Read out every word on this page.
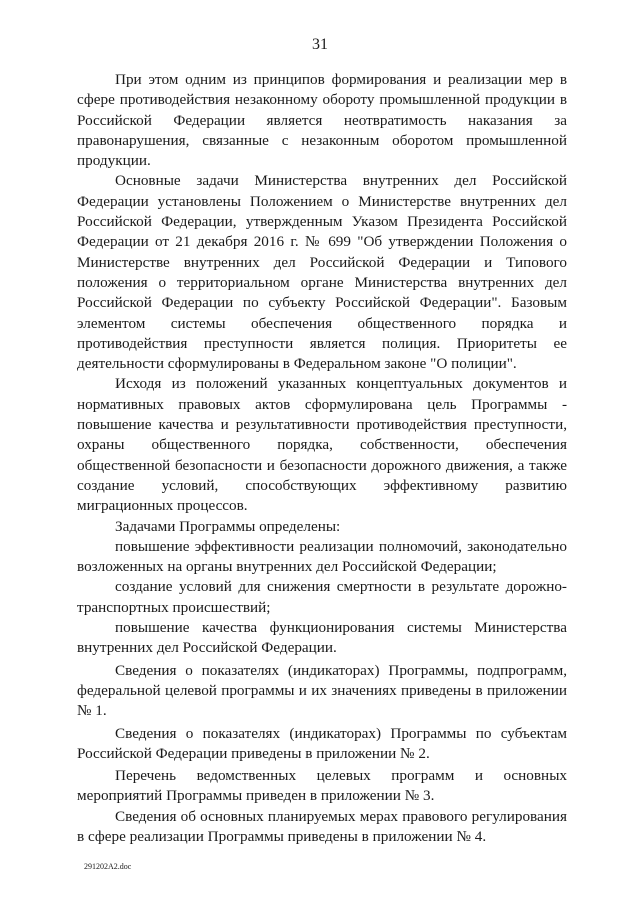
31

При этом одним из принципов формирования и реализации мер в сфере противодействия незаконному обороту промышленной продукции в Российской Федерации является неотвратимость наказания за правонарушения, связанные с незаконным оборотом промышленной продукции.

Основные задачи Министерства внутренних дел Российской Федерации установлены Положением о Министерстве внутренних дел Российской Федерации, утвержденным Указом Президента Российской Федерации от 21 декабря 2016 г. № 699 "Об утверждении Положения о Министерстве внутренних дел Российской Федерации и Типового положения о территориальном органе Министерства внутренних дел Российской Федерации по субъекту Российской Федерации". Базовым элементом системы обеспечения общественного порядка и противодействия преступности является полиция. Приоритеты ее деятельности сформулированы в Федеральном законе "О полиции".

Исходя из положений указанных концептуальных документов и нормативных правовых актов сформулирована цель Программы - повышение качества и результативности противодействия преступности, охраны общественного порядка, собственности, обеспечения общественной безопасности и безопасности дорожного движения, а также создание условий, способствующих эффективному развитию миграционных процессов.

Задачами Программы определены:

повышение эффективности реализации полномочий, законодательно возложенных на органы внутренних дел Российской Федерации;

создание условий для снижения смертности в результате дорожно-транспортных происшествий;

повышение качества функционирования системы Министерства внутренних дел Российской Федерации.

Сведения о показателях (индикаторах) Программы, подпрограмм, федеральной целевой программы и их значениях приведены в приложении № 1.

Сведения о показателях (индикаторах) Программы по субъектам Российской Федерации приведены в приложении № 2.

Перечень ведомственных целевых программ и основных мероприятий Программы приведен в приложении № 3.

Сведения об основных планируемых мерах правового регулирования в сфере реализации Программы приведены в приложении № 4.

291202A2.doc
